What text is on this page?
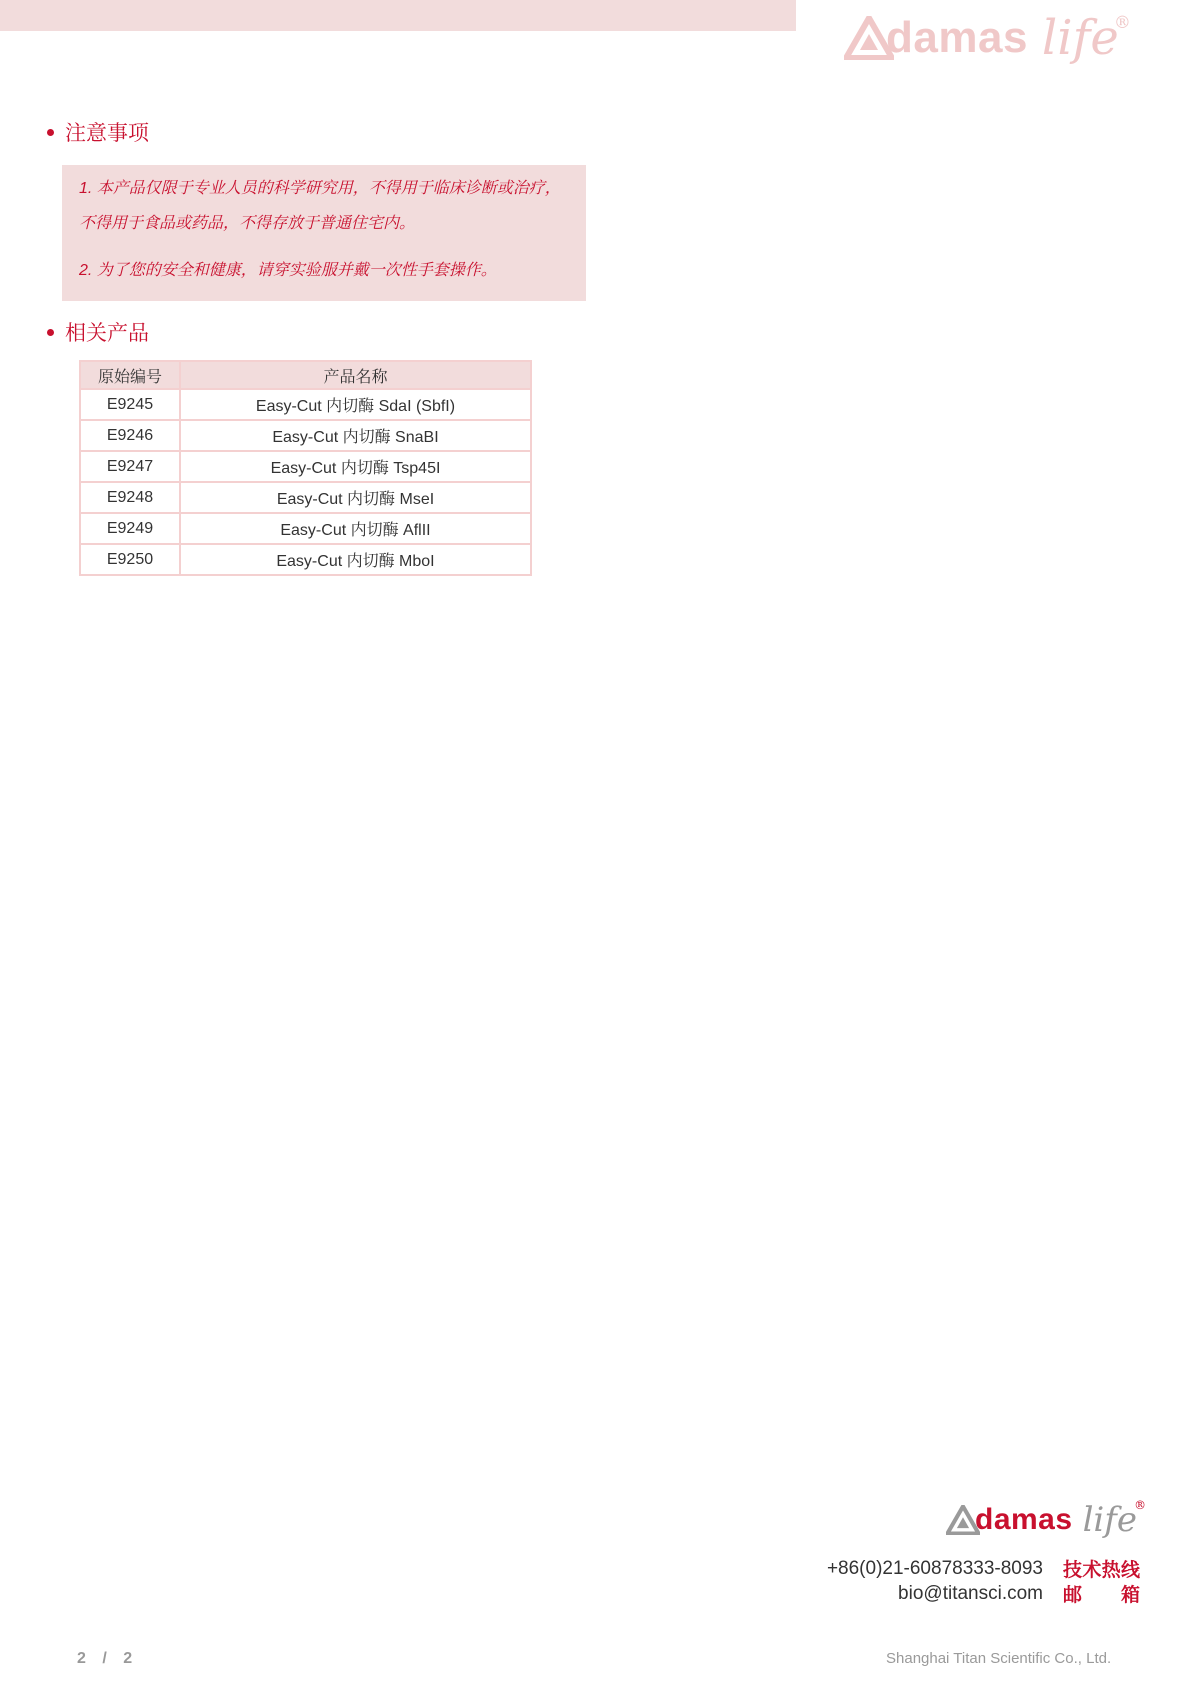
damas life
®
注意事项

1. 本产品仅限于专业人员的科学研究用，不得用于临床诊断或治疗，

不得用于食品或药品，不得存放于普通住宅内。

2. 为了您的安全和健康，请穿实验服并戴一次性手套操作。

相关产品
原始编号	产品名称
E9245	Easy-Cut 内切酶 SdaI (SbfI)
E9246	Easy-Cut 内切酶 SnaBI
E9247	Easy-Cut 内切酶 Tsp45I
E9248	Easy-Cut 内切酶 MseI
E9249	Easy-Cut 内切酶 AflII
E9250	Easy-Cut 内切酶 MboI
damas life
®
+86(0)21-60878333-8093 技术热线
bio@titansci.com 邮箱
2 / 2	Shanghai Titan Scientific Co., Ltd.
